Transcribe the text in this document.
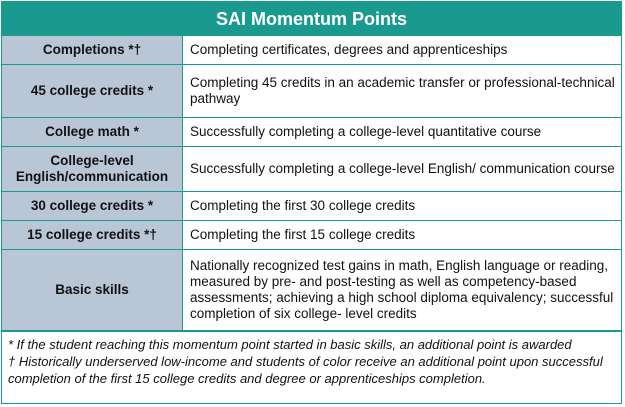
SAI Momentum Points
Completions *†	Completing certificates, degrees and apprenticeships
45 college credits *	Completing 45 credits in an academic transfer or professional-technical pathway
College math *	Successfully completing a college-level quantitative course
College-level English/communication	Successfully completing a college-level English/ communication course
30 college credits *	Completing the first 30 college credits
15 college credits *†	Completing the first 15 college credits
Basic skills	Nationally recognized test gains in math, English language or reading, measured by pre- and post-testing as well as competency-based assessments; achieving a high school diploma equivalency; successful completion of six college- level credits

* If the student reaching this momentum point started in basic skills, an additional point is awarded

† Historically underserved low-income and students of color receive an additional point upon successful completion of the first 15 college credits and degree or apprenticeships completion.
